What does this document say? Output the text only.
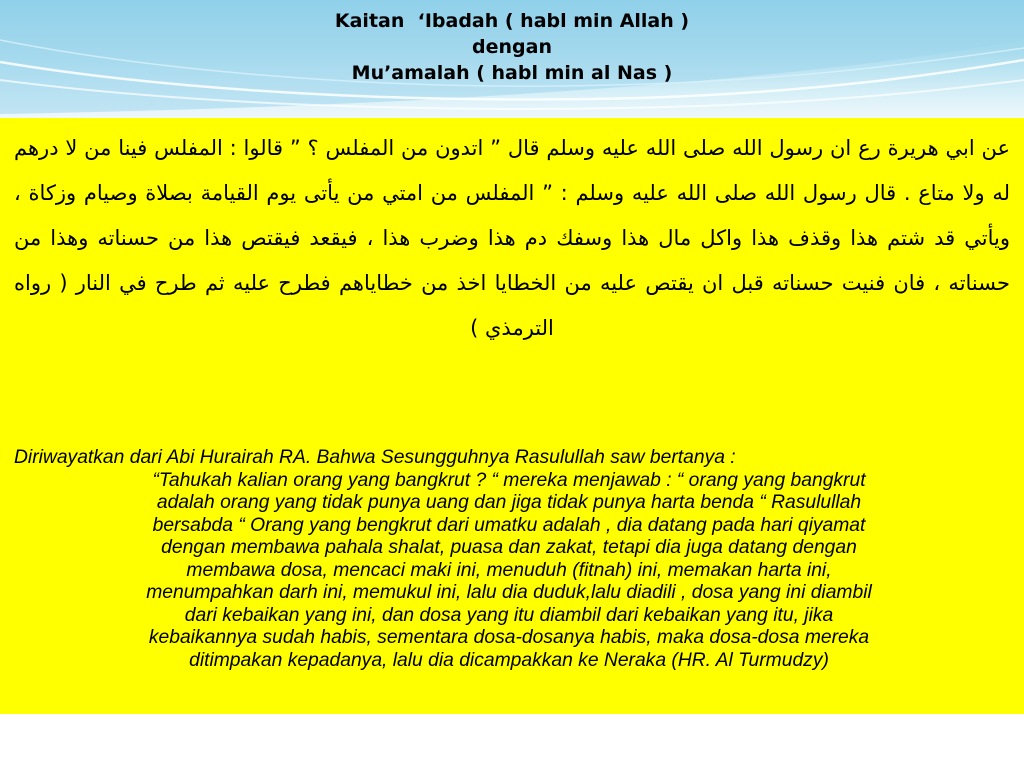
Kaitan  ‘Ibadah ( habl min Allah )
dengan
Mu’amalah ( habl min al Nas )
عن ابي هريرة رع ان رسول الله صلى الله عليه وسلم قال ” اتدون من المفلس ؟ ” قالوا : المفلس فينا من لا درهم له ولا متاع . قال رسول الله صلى الله عليه وسلم : ” المفلس من امتي من يأتى يوم القيامة بصلاة وصيام وزكاة ، ويأتي قد شتم هذا وقذف هذا واكل مال هذا وسفك دم هذا وضرب هذا ، فيقعد فيقتص هذا من حسناته وهذا من حسناته ، فان فنيت حسناته قبل ان يقتص عليه من الخطايا اخذ من خطاياهم فطرح عليه ثم طرح في النار ( رواه الترمذي )
Diriwayatkan dari Abi Hurairah RA. Bahwa Sesungguhnya Rasulullah saw bertanya :
“Tahukah kalian orang yang bangkrut ? “ mereka menjawab : “ orang yang bangkrut
adalah orang yang tidak punya uang dan jiga tidak punya harta benda “ Rasulullah
bersabda “ Orang yang bengkrut dari umatku adalah , dia datang pada hari qiyamat
dengan membawa pahala shalat, puasa dan zakat, tetapi dia juga datang dengan
membawa dosa, mencaci maki ini, menuduh (fitnah) ini, memakan harta ini,
menumpahkan darh ini, memukul ini, lalu dia duduk,lalu diadili , dosa yang ini diambil
dari kebaikan yang ini, dan dosa yang itu diambil dari kebaikan yang itu, jika
kebaikannya sudah habis, sementara dosa-dosanya habis, maka dosa-dosa mereka
ditimpakan kepadanya, lalu dia dicampakkan ke Neraka (HR. Al Turmudzy)
